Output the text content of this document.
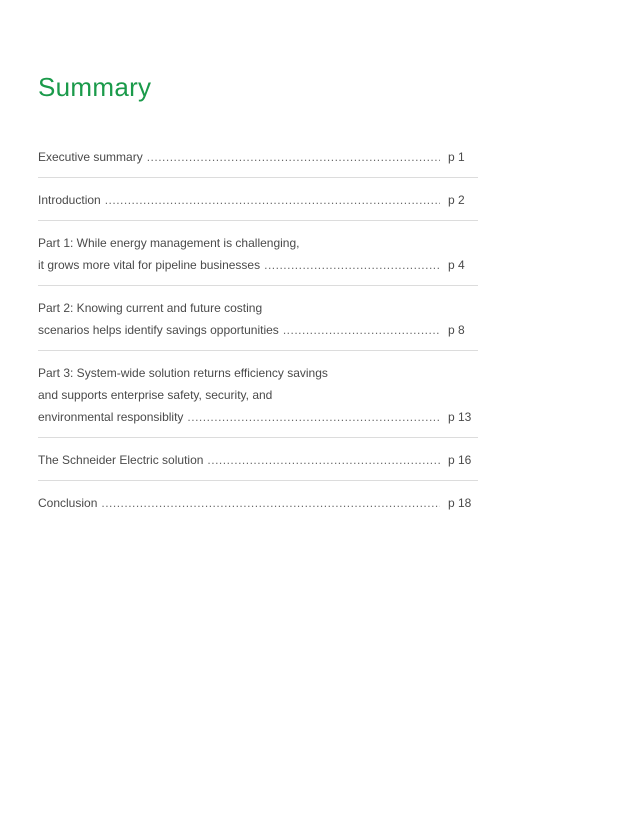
Summary
Executive summary .....	p 1
Introduction .....	p 2
Part 1: While energy management is challenging,
it grows more vital for pipeline businesses .....	p 4
Part 2: Knowing current and future costing
scenarios helps identify savings opportunities .....	p 8
Part 3: System-wide solution returns efficiency savings
and supports enterprise safety, security, and
environmental responsiblity .....	p 13
The Schneider Electric solution .....	p 16
Conclusion .....	p 18
